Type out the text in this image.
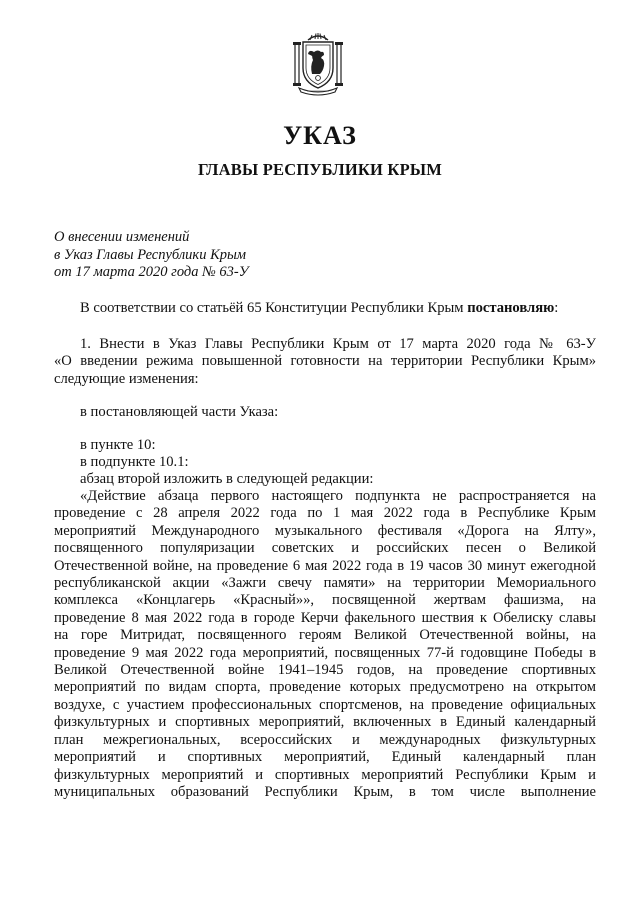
УКАЗ
ГЛАВЫ РЕСПУБЛИКИ КРЫМ
О внесении изменений
в Указ Главы Республики Крым
от 17 марта 2020 года № 63-У

В соответствии со статьёй 65 Конституции Республики Крым постановляю:

1. Внести в Указ Главы Республики Крым от 17 марта 2020 года № 63-У
«О введении режима повышенной готовности на территории Республики Крым»
следующие изменения:

в постановляющей части Указа:

в пункте 10:

в подпункте 10.1:

абзац второй изложить в следующей редакции:

«Действие абзаца первого настоящего подпункта не распространяется на
проведение с 28 апреля 2022 года по 1 мая 2022 года в Республике Крым
мероприятий Международного музыкального фестиваля «Дорога на Ялту»,
посвященного популяризации советских и российских песен о Великой
Отечественной войне, на проведение 6 мая 2022 года в 19 часов 30 минут ежегодной
республиканской акции «Зажги свечу памяти» на территории Мемориального
комплекса «Концлагерь «Красный»», посвященной жертвам фашизма, на
проведение 8 мая 2022 года в городе Керчи факельного шествия к Обелиску славы
на горе Митридат, посвященного героям Великой Отечественной войны, на
проведение 9 мая 2022 года мероприятий, посвященных 77-й годовщине Победы в
Великой Отечественной войне 1941–1945 годов, на проведение спортивных
мероприятий по видам спорта, проведение которых предусмотрено на открытом
воздухе, с участием профессиональных спортсменов, на проведение официальных
физкультурных и спортивных мероприятий, включенных в Единый календарный
план межрегиональных, всероссийских и международных физкультурных
мероприятий и спортивных мероприятий, Единый календарный план
физкультурных мероприятий и спортивных мероприятий Республики Крым и
муниципальных образований Республики Крым, в том числе выполнение
